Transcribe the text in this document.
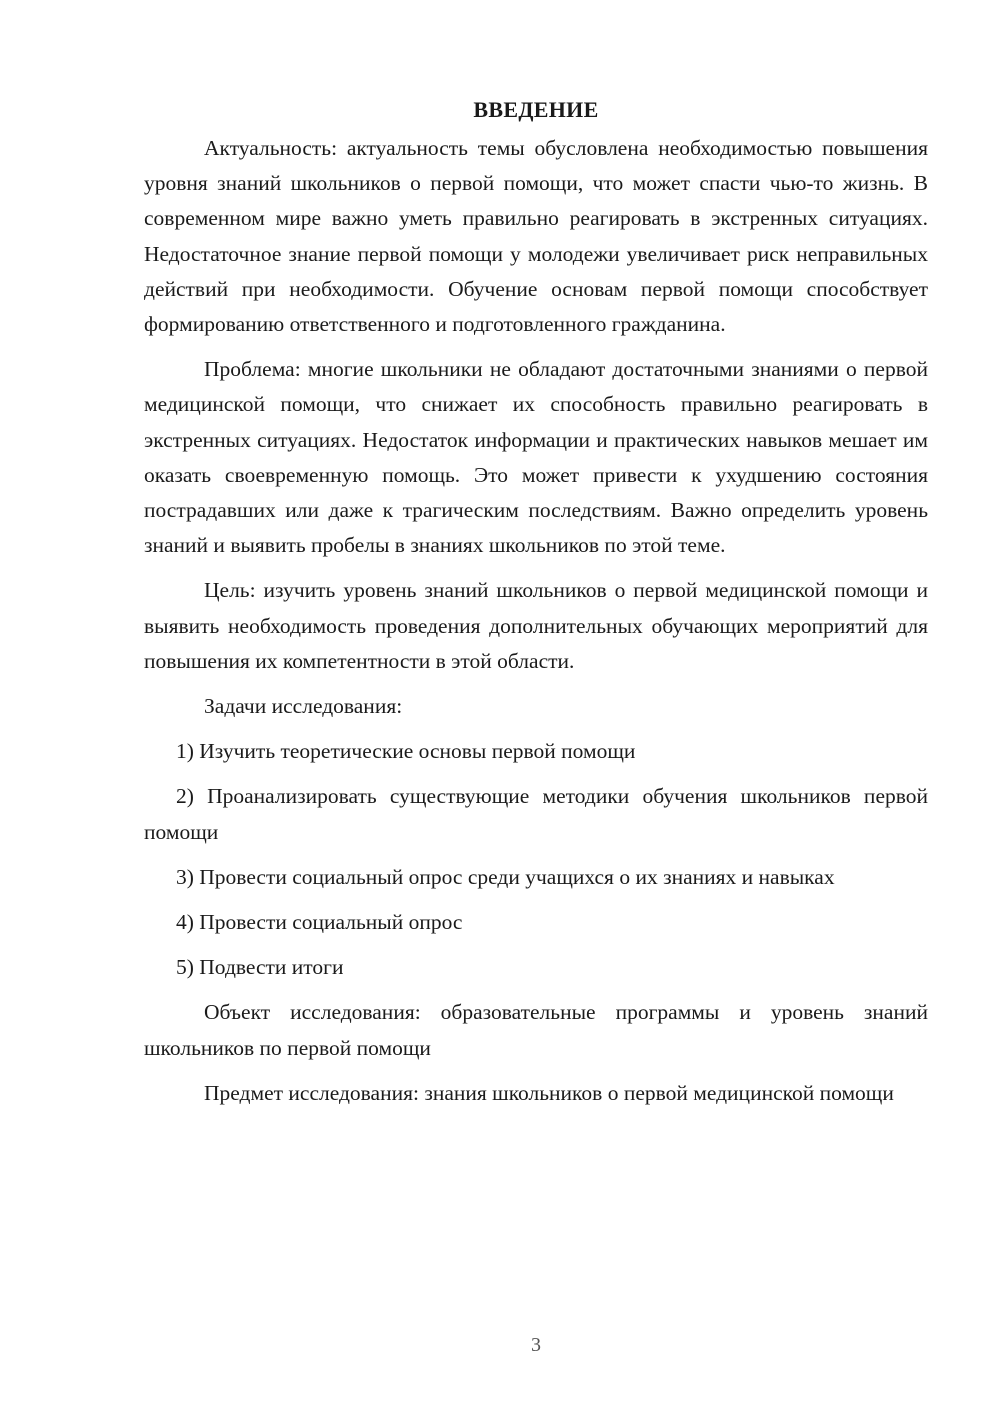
ВВЕДЕНИЕ

Актуальность: актуальность темы обусловлена необходимостью повышения уровня знаний школьников о первой помощи, что может спасти чью-то жизнь. В современном мире важно уметь правильно реагировать в экстренных ситуациях. Недостаточное знание первой помощи у молодежи увеличивает риск неправильных действий при необходимости. Обучение основам первой помощи способствует формированию ответственного и подготовленного гражданина.

Проблема: многие школьники не обладают достаточными знаниями о первой медицинской помощи, что снижает их способность правильно реагировать в экстренных ситуациях. Недостаток информации и практических навыков мешает им оказать своевременную помощь. Это может привести к ухудшению состояния пострадавших или даже к трагическим последствиям. Важно определить уровень знаний и выявить пробелы в знаниях школьников по этой теме.

Цель: изучить уровень знаний школьников о первой медицинской помощи и выявить необходимость проведения дополнительных обучающих мероприятий для повышения их компетентности в этой области.

Задачи исследования:

1) Изучить теоретические основы первой помощи

2) Проанализировать существующие методики обучения школьников первой помощи

3) Провести социальный опрос среди учащихся о их знаниях и навыках

4) Провести социальный опрос

5) Подвести итоги

Объект исследования: образовательные программы и уровень знаний школьников по первой помощи

Предмет исследования: знания школьников о первой медицинской помощи

3
